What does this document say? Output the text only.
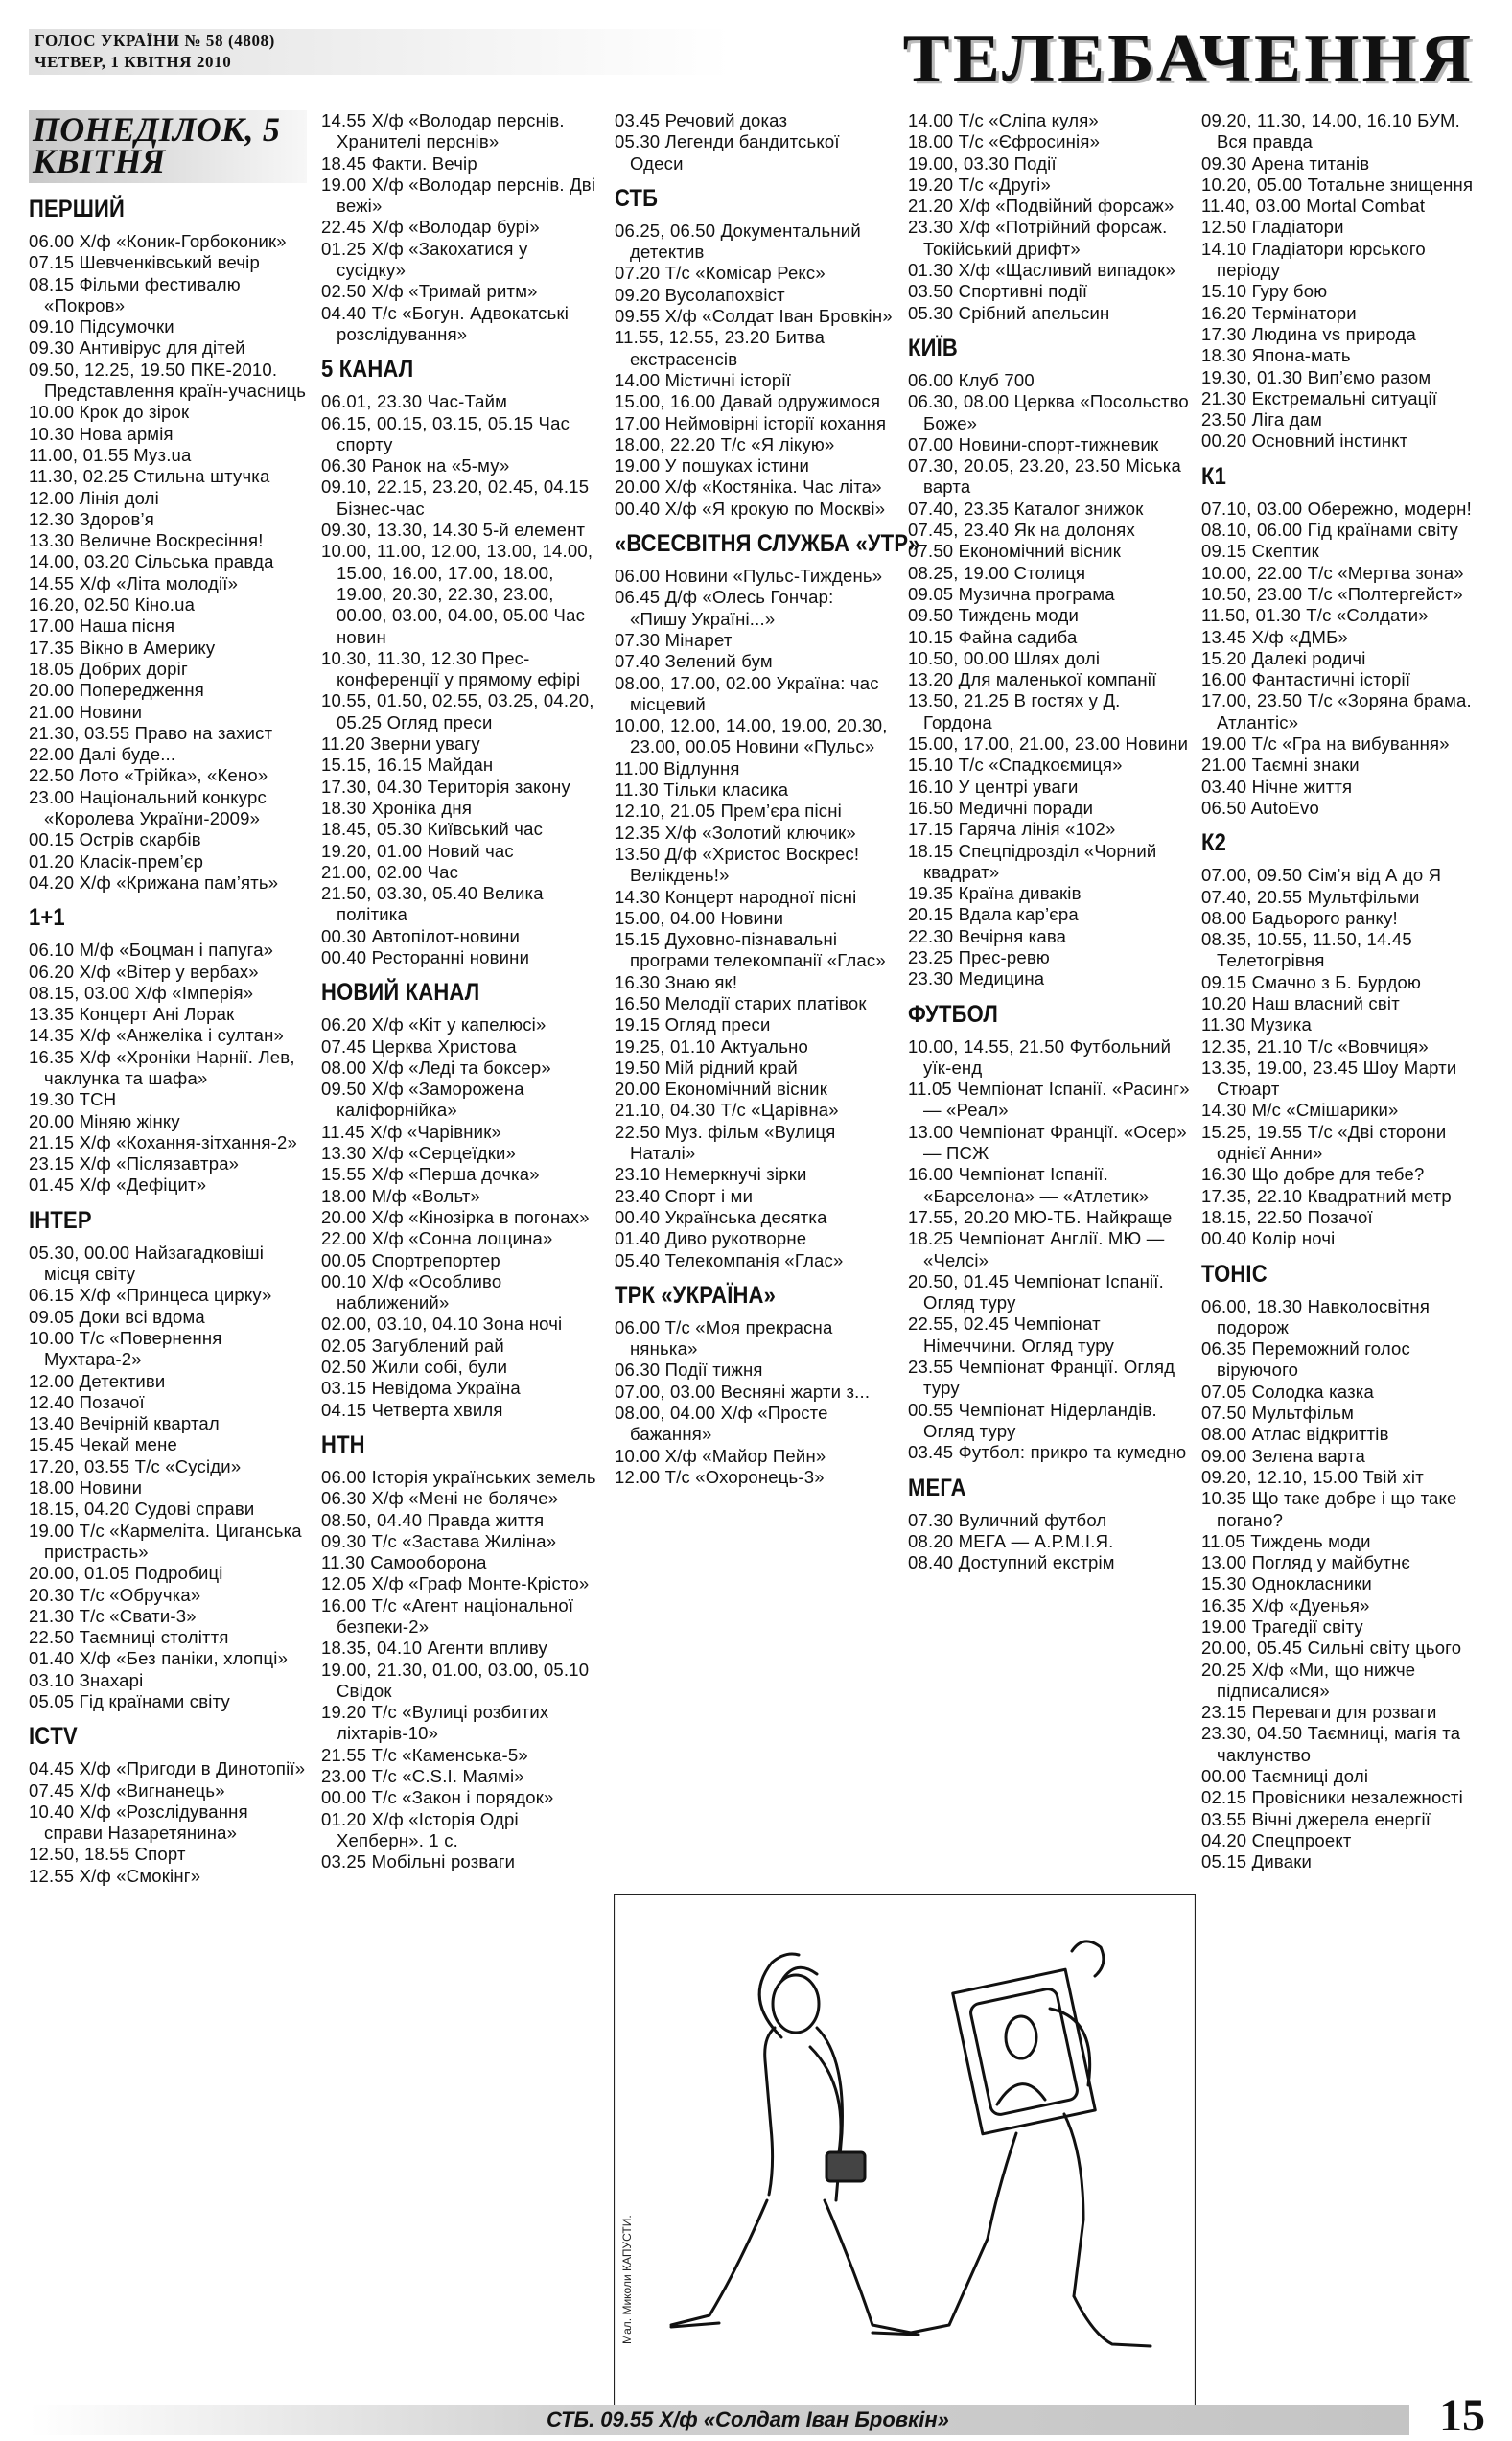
ГОЛОС УКРАЇНИ № 58 (4808)
ЧЕТВЕР, 1 КВІТНЯ 2010	ТЕЛЕБАЧЕННЯ
ПОНЕДІЛОК, 5 КВІТНЯ
ПЕРШИЙ
06.00 Х/ф «Коник-Горбоконик»
07.15 Шевченківський вечір
08.15 Фільми фестивалю «Покров»
09.10 Підсумочки
09.30 Антивірус для дітей
09.50, 12.25, 19.50 ПКЕ-2010. Представлення країн-учасниць
10.00 Крок до зірок
10.30 Нова армія
11.00, 01.55 Муз.ua
11.30, 02.25 Стильна штучка
12.00 Лінія долі
12.30 Здоров’я
13.30 Величне Воскресіння!
14.00, 03.20 Сільська правда
14.55 Х/ф «Літа молодії»
16.20, 02.50 Кіно.ua
17.00 Наша пісня
17.35 Вікно в Америку
18.05 Добрих доріг
20.00 Попередження
21.00 Новини
21.30, 03.55 Право на захист
22.00 Далі буде...
22.50 Лото «Трійка», «Кено»
23.00 Національний конкурс «Королева України-2009»
00.15 Острів скарбів
01.20 Класік-прем’єр
04.20 Х/ф «Крижана пам’ять»
1+1
06.10 М/ф «Боцман і папуга»
06.20 Х/ф «Вітер у вербах»
08.15, 03.00 Х/ф «Імперія»
13.35 Концерт Ані Лорак
14.35 Х/ф «Анжеліка і султан»
16.35 Х/ф «Хроніки Нарнії. Лев, чаклунка та шафа»
19.30 ТСН
20.00 Міняю жінку
21.15 Х/ф «Кохання-зітхання-2»
23.15 Х/ф «Післязавтра»
01.45 Х/ф «Дефіцит»
ІНТЕР
05.30, 00.00 Найзагадковіші місця світу
06.15 Х/ф «Принцеса цирку»
09.05 Доки всі вдома
10.00 Т/с «Повернення Мухтара-2»
12.00 Детективи
12.40 Позачої
13.40 Вечірній квартал
15.45 Чекай мене
17.20, 03.55 Т/с «Сусіди»
18.00 Новини
18.15, 04.20 Судові справи
19.00 Т/с «Кармеліта. Циганська пристрасть»
20.00, 01.05 Подробиці
20.30 Т/с «Обручка»
21.30 Т/с «Свати-3»
22.50 Таємниці століття
01.40 Х/ф «Без паніки, хлопці»
03.10 Знахарі
05.05 Гід країнами світу
ICTV
04.45 Х/ф «Пригоди в Динотопії»
07.45 Х/ф «Вигнанець»
10.40 Х/ф «Розслідування справи Назаретянина»
12.50, 18.55 Спорт
12.55 Х/ф «Смокінг»
14.55 Х/ф «Володар перснів. Хранителі перснів»
18.45 Факти. Вечір
19.00 Х/ф «Володар перснів. Дві вежі»
22.45 Х/ф «Володар бурі»
01.25 Х/ф «Закохатися у сусідку»
02.50 Х/ф «Тримай ритм»
04.40 Т/с «Богун. Адвокатські розслідування»
5 КАНАЛ
06.01, 23.30 Час-Тайм
06.15, 00.15, 03.15, 05.15 Час спорту
06.30 Ранок на «5-му»
09.10, 22.15, 23.20, 02.45, 04.15 Бізнес-час
09.30, 13.30, 14.30 5-й елемент
10.00, 11.00, 12.00, 13.00, 14.00, 15.00, 16.00, 17.00, 18.00, 19.00, 20.30, 22.30, 23.00, 00.00, 03.00, 04.00, 05.00 Час новин
10.30, 11.30, 12.30 Прес-конференції у прямому ефірі
10.55, 01.50, 02.55, 03.25, 04.20, 05.25 Огляд преси
11.20 Зверни увагу
15.15, 16.15 Майдан
17.30, 04.30 Територія закону
18.30 Хроніка дня
18.45, 05.30 Київський час
19.20, 01.00 Новий час
21.00, 02.00 Час
21.50, 03.30, 05.40 Велика політика
00.30 Автопілот-новини
00.40 Ресторанні новини
НОВИЙ КАНАЛ
06.20 Х/ф «Кіт у капелюсі»
07.45 Церква Христова
08.00 Х/ф «Леді та боксер»
09.50 Х/ф «Заморожена каліфорнійка»
11.45 Х/ф «Чарівник»
13.30 Х/ф «Серцеїдки»
15.55 Х/ф «Перша дочка»
18.00 М/ф «Вольт»
20.00 Х/ф «Кінозірка в погонах»
22.00 Х/ф «Сонна лощина»
00.05 Спортрепортер
00.10 Х/ф «Особливо наближений»
02.00, 03.10, 04.10 Зона ночі
02.05 Загублений рай
02.50 Жили собі, були
03.15 Невідома Україна
04.15 Четверта хвиля
НТН
06.00 Історія українських земель
06.30 Х/ф «Мені не боляче»
08.50, 04.40 Правда життя
09.30 Т/с «Застава Жиліна»
11.30 Самооборона
12.05 Х/ф «Граф Монте-Крісто»
16.00 Т/с «Агент національної безпеки-2»
18.35, 04.10 Агенти впливу
19.00, 21.30, 01.00, 03.00, 05.10 Свідок
19.20 Т/с «Вулиці розбитих ліхтарів-10»
21.55 Т/с «Каменська-5»
23.00 Т/с «C.S.I. Маямі»
00.00 Т/с «Закон і порядок»
01.20 Х/ф «Історія Одрі Хепберн». 1 с.
03.25 Мобільні розваги
03.45 Речовий доказ
05.30 Легенди бандитської Одеси
СТБ
06.25, 06.50 Документальний детектив
07.20 Т/с «Комісар Рекс»
09.20 Вусолапохвіст
09.55 Х/ф «Солдат Іван Бровкін»
11.55, 12.55, 23.20 Битва екстрасенсів
14.00 Містичні історії
15.00, 16.00 Давай одружимося
17.00 Неймовірні історії кохання
18.00, 22.20 Т/с «Я лікую»
19.00 У пошуках істини
20.00 Х/ф «Костяніка. Час літа»
00.40 Х/ф «Я крокую по Москві»
«ВСЕСВІТНЯ СЛУЖБА «УТР»
06.00 Новини «Пульс-Тиждень»
06.45 Д/ф «Олесь Гончар: «Пишу Україні...»
07.30 Мінарет
07.40 Зелений бум
08.00, 17.00, 02.00 Україна: час місцевий
10.00, 12.00, 14.00, 19.00, 20.30, 23.00, 00.05 Новини «Пульс»
11.00 Відлуння
11.30 Тільки класика
12.10, 21.05 Прем’єра пісні
12.35 Х/ф «Золотий ключик»
13.50 Д/ф «Христос Воскрес! Велікдень!»
14.30 Концерт народної пісні
15.00, 04.00 Новини
15.15 Духовно-пізнавальні програми телекомпанії «Глас»
16.30 Знаю як!
16.50 Мелодії старих платівок
19.15 Огляд преси
19.25, 01.10 Актуально
19.50 Мій рідний край
20.00 Економічний вісник
21.10, 04.30 Т/с «Царівна»
22.50 Муз. фільм «Вулиця Наталі»
23.10 Немеркнучі зірки
23.40 Спорт і ми
00.40 Українська десятка
01.40 Диво рукотворне
05.40 Телекомпанія «Глас»
ТРК «УКРАЇНА»
06.00 Т/с «Моя прекрасна нянька»
06.30 Події тижня
07.00, 03.00 Весняні жарти з...
08.00, 04.00 Х/ф «Просте бажання»
10.00 Х/ф «Майор Пейн»
12.00 Т/с «Охоронець-3»
14.00 Т/с «Сліпа куля»
18.00 Т/с «Єфросинія»
19.00, 03.30 Події
19.20 Т/с «Другі»
21.20 Х/ф «Подвійний форсаж»
23.30 Х/ф «Потрійний форсаж. Токійський дрифт»
01.30 Х/ф «Щасливий випадок»
03.50 Спортивні події
05.30 Срібний апельсин
КИЇВ
06.00 Клуб 700
06.30, 08.00 Церква «Посольство Боже»
07.00 Новини-спорт-тижневик
07.30, 20.05, 23.20, 23.50 Міська варта
07.40, 23.35 Каталог знижок
07.45, 23.40 Як на долонях
07.50 Економічний вісник
08.25, 19.00 Столиця
09.05 Музична програма
09.50 Тиждень моди
10.15 Файна садиба
10.50, 00.00 Шлях долі
13.20 Для маленької компанії
13.50, 21.25 В гостях у Д. Гордона
15.00, 17.00, 21.00, 23.00 Новини
15.10 Т/с «Спадкоємиця»
16.10 У центрі уваги
16.50 Медичні поради
17.15 Гаряча лінія «102»
18.15 Спецпідрозділ «Чорний квадрат»
19.35 Країна диваків
20.15 Вдала кар’єра
22.30 Вечірня кава
23.25 Прес-ревю
23.30 Медицина
ФУТБОЛ
10.00, 14.55, 21.50 Футбольний уїк-енд
11.05 Чемпіонат Іспанії. «Расинг» — «Реал»
13.00 Чемпіонат Франції. «Осер» — ПСЖ
16.00 Чемпіонат Іспанії. «Барселона» — «Атлетик»
17.55, 20.20 МЮ-ТБ. Найкраще
18.25 Чемпіонат Англії. МЮ — «Челсі»
20.50, 01.45 Чемпіонат Іспанії. Огляд туру
22.55, 02.45 Чемпіонат Німеччини. Огляд туру
23.55 Чемпіонат Франції. Огляд туру
00.55 Чемпіонат Нідерландів. Огляд туру
03.45 Футбол: прикро та кумедно
МЕГА
07.30 Вуличний футбол
08.20 МЕГА — А.Р.М.І.Я.
08.40 Доступний екстрім
09.20, 11.30, 14.00, 16.10 БУМ. Вся правда
09.30 Арена титанів
10.20, 05.00 Тотальне знищення
11.40, 03.00 Mortal Combat
12.50 Гладіатори
14.10 Гладіатори юрського періоду
15.10 Гуру бою
16.20 Термінатори
17.30 Людина vs природа
18.30 Япона-мать
19.30, 01.30 Вип’ємо разом
21.30 Екстремальні ситуації
23.50 Ліга дам
00.20 Основний інстинкт
К1
07.10, 03.00 Обережно, модерн!
08.10, 06.00 Гід країнами світу
09.15 Скептик
10.00, 22.00 Т/с «Мертва зона»
10.50, 23.00 Т/с «Полтергейст»
11.50, 01.30 Т/с «Солдати»
13.45 Х/ф «ДМБ»
15.20 Далекі родичі
16.00 Фантастичні історії
17.00, 23.50 Т/с «Зоряна брама. Атлантіс»
19.00 Т/с «Гра на вибування»
21.00 Таємні знаки
03.40 Нічне життя
06.50 AutoEvo
К2
07.00, 09.50 Сім’я від А до Я
07.40, 20.55 Мультфільми
08.00 Бадьорого ранку!
08.35, 10.55, 11.50, 14.45 Телетогрівня
09.15 Смачно з Б. Бурдою
10.20 Наш власний світ
11.30 Музика
12.35, 21.10 Т/с «Вовчиця»
13.35, 19.00, 23.45 Шоу Марти Стюарт
14.30 М/с «Смішарики»
15.25, 19.55 Т/с «Дві сторони однієї Анни»
16.30 Що добре для тебе?
17.35, 22.10 Квадратний метр
18.15, 22.50 Позачої
00.40 Колір ночі
ТОНІС
06.00, 18.30 Навколосвітня подорож
06.35 Переможний голос віруючого
07.05 Солодка казка
07.50 Мультфільм
08.00 Атлас відкриттів
09.00 Зелена варта
09.20, 12.10, 15.00 Твій хіт
10.35 Що таке добре і що таке погано?
11.05 Тиждень моди
13.00 Погляд у майбутнє
15.30 Однокласники
16.35 Х/ф «Дуенья»
19.00 Трагедії світу
20.00, 05.45 Сильні світу цього
20.25 Х/ф «Ми, що нижче підписалися»
23.15 Переваги для розваги
23.30, 04.50 Таємниці, магія та чаклунство
00.00 Таємниці долі
02.15 Провісники незалежності
03.55 Вічні джерела енергії
04.20 Спецпроект
05.15 Диваки
Мал. Миколи КАПУСТИ.
СТБ. 09.55 Х/ф «Солдат Іван Бровкін»	15
